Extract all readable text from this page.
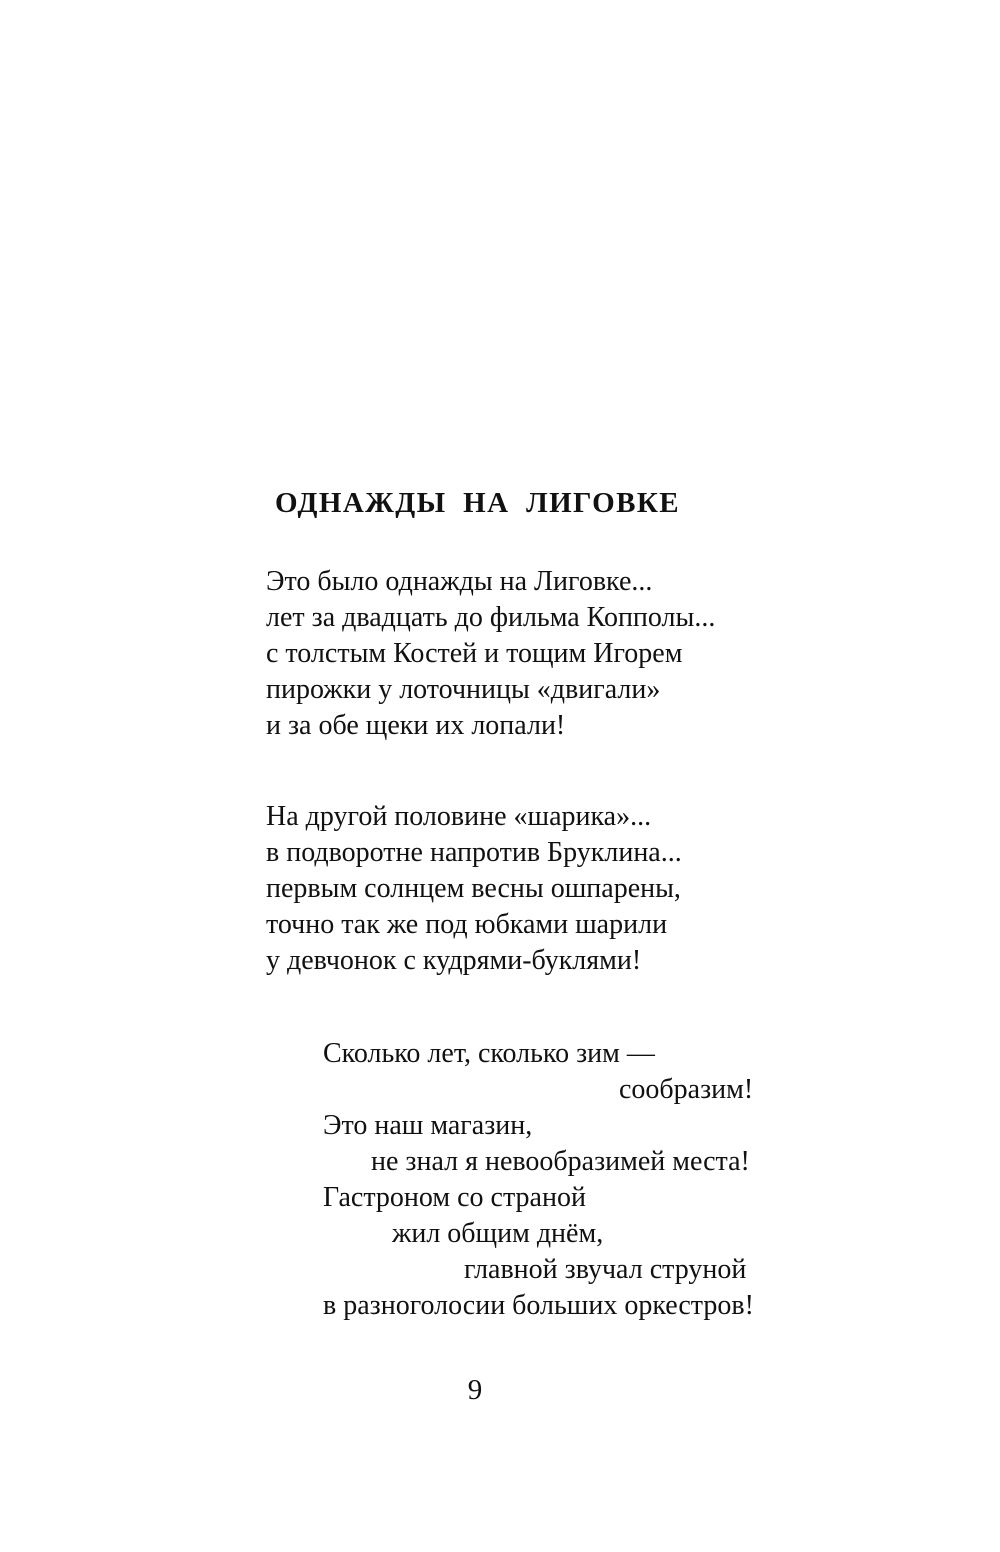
ОДНАЖДЫ НА ЛИГОВКЕ
Это было однажды на Лиговке...
лет за двадцать до фильма Копполы...
с толстым Костей и тощим Игорем
пирожки у лоточницы «двигали»
и за обе щеки их лопали!
На другой половине «шарика»...
в подворотне напротив Бруклина...
первым солнцем весны ошпарены,
точно так же под юбками шарили
у девчонок с кудрями-буклями!
Сколько лет, сколько зим —
сообразим!
Это наш магазин,
не знал я невообразимей места!
Гастроном со страной
жил общим днём,
главной звучал струной
в разноголосии больших оркестров!
9
